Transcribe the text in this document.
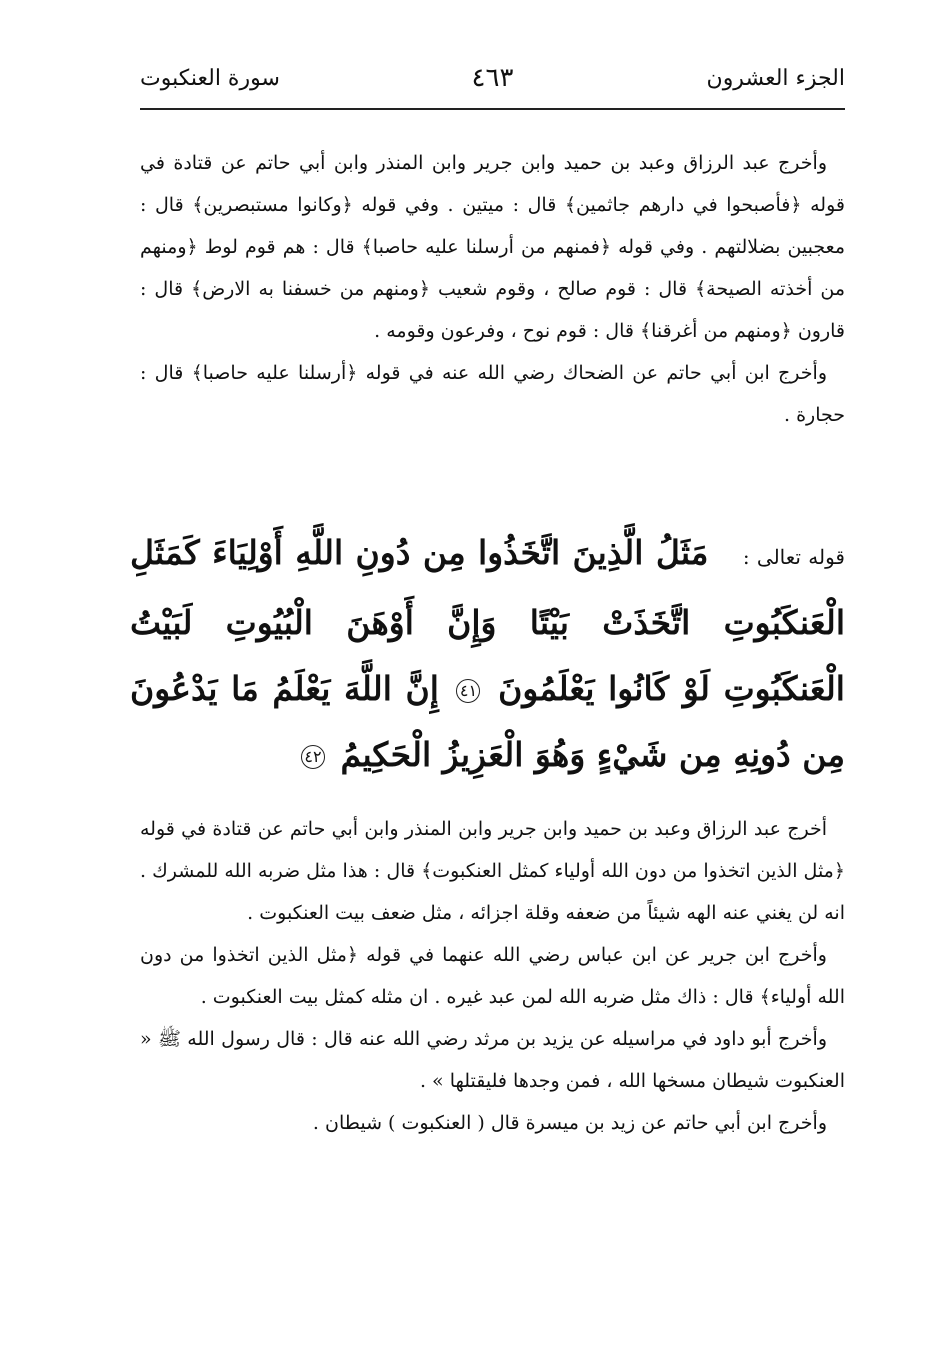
الجزء العشرون
٤٦٣
سورة العنكبوت

وأخرج عبد الرزاق وعبد بن حميد وابن جرير وابن المنذر وابن أبي حاتم عن قتادة في قوله ﴿فأصبحوا في دارهم جاثمين﴾ قال : ميتين . وفي قوله ﴿وكانوا مستبصرين﴾ قال : معجبين بضلالتهم . وفي قوله ﴿فمنهم من أرسلنا عليه حاصبا﴾ قال : هم قوم لوط ﴿ومنهم من أخذته الصيحة﴾ قال : قوم صالح ، وقوم شعيب ﴿ومنهم من خسفنا به الارض﴾ قال : قارون ﴿ومنهم من أغرقنا﴾ قال : قوم نوح ، وفرعون وقومه .

وأخرج ابن أبي حاتم عن الضحاك رضي الله عنه في قوله ﴿أرسلنا عليه حاصبا﴾ قال : حجارة .

قوله تعالى : مَثَلُ الَّذِينَ اتَّخَذُوا مِن دُونِ اللَّهِ أَوْلِيَاءَ كَمَثَلِ الْعَنكَبُوتِ اتَّخَذَتْ بَيْتًا وَإِنَّ أَوْهَنَ الْبُيُوتِ لَبَيْتُ الْعَنكَبُوتِ لَوْ كَانُوا يَعْلَمُونَ ٤١ إِنَّ اللَّهَ يَعْلَمُ مَا يَدْعُونَ مِن دُونِهِ مِن شَيْءٍ وَهُوَ الْعَزِيزُ الْحَكِيمُ ٤٢

أخرج عبد الرزاق وعبد بن حميد وابن جرير وابن المنذر وابن أبي حاتم عن قتادة في قوله ﴿مثل الذين اتخذوا من دون الله أولياء كمثل العنكبوت﴾ قال : هذا مثل ضربه الله للمشرك . انه لن يغني عنه الهه شيئاً من ضعفه وقلة اجزائه ، مثل ضعف بيت العنكبوت .

وأخرج ابن جرير عن ابن عباس رضي الله عنهما في قوله ﴿مثل الذين اتخذوا من دون الله أولياء﴾ قال : ذاك مثل ضربه الله لمن عبد غيره . ان مثله كمثل بيت العنكبوت .

وأخرج أبو داود في مراسيله عن يزيد بن مرثد رضي الله عنه قال : قال رسول الله ﷺ « العنكبوت شيطان مسخها الله ، فمن وجدها فليقتلها » .

وأخرج ابن أبي حاتم عن زيد بن ميسرة قال ( العنكبوت ) شيطان .
